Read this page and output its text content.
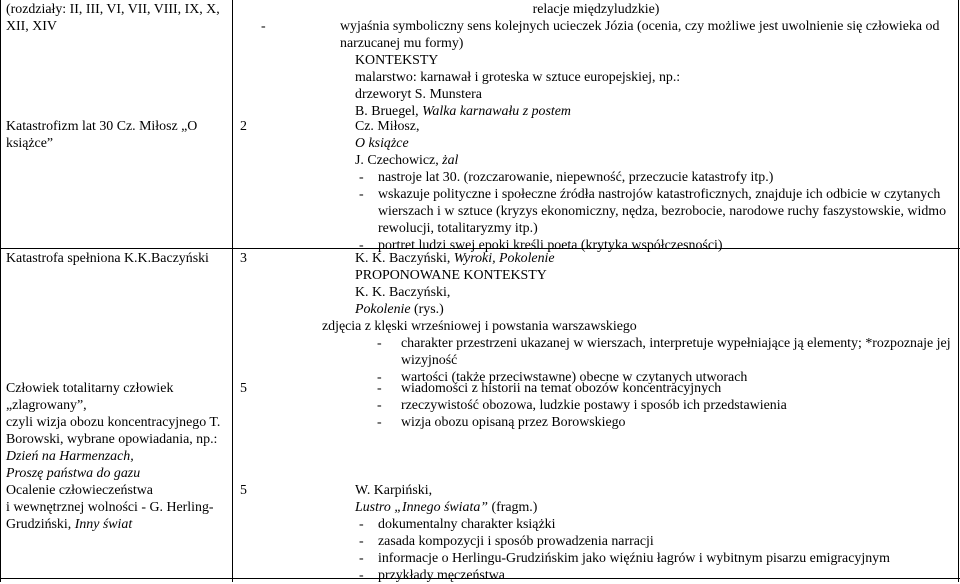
(rozdziały: II, III, VI, VII, VIII, IX, X,
XII, XIV
relacje międzyludzkie)
-	wyjaśnia symboliczny sens kolejnych ucieczek Józia (ocenia, czy możliwe jest uwolnienie się człowieka od narzucanej mu formy)
KONTEKSTY
malarstwo: karnawał i groteska w sztuce europejskiej, np.:
drzeworyt S. Munstera
B. Bruegel, Walka karnawału z postem
Katastrofizm lat 30 Cz. Miłosz „O
książce”
2	Cz. Miłosz,
O książce
J. Czechowicz, żal
- nastroje lat 30. (rozczarowanie, niepewność, przeczucie katastrofy itp.)
- wskazuje polityczne i społeczne źródła nastrojów katastroficznych, znajduje ich odbicie w czytanych wierszach i w sztuce (kryzys ekonomiczny, nędza, bezrobocie, narodowe ruchy faszystowskie, widmo rewolucji, totalitaryzmy itp.)
- portret ludzi swej epoki kreśli poeta (krytyka współczesności)
Katastrofa spełniona K.K.Baczyński	3	K. K. Baczyński, Wyroki, Pokolenie
PROPONOWANE KONTEKSTY
K. K. Baczyński,
Pokolenie (rys.)
zdjęcia z klęski wrześniowej i powstania warszawskiego
- charakter przestrzeni ukazanej w wierszach, interpretuje wypełniające ją elementy; *rozpoznaje jej wizyjność
- wartości (także przeciwstawne) obecne w czytanych utworach
Człowiek totalitarny człowiek
„zlagrowany”,
czyli wizja obozu koncentracyjnego T.
Borowski, wybrane opowiadania, np.:
Dzień na Harmenzach,
Proszę państwa do gazu
5	- wiadomości z historii na temat obozów koncentracyjnych
- rzeczywistość obozowa, ludzkie postawy i sposób ich przedstawienia
- wizja obozu opisaną przez Borowskiego
Ocalenie człowieczeństwa
i wewnętrznej wolności - G. Herling-
Grudziński, Inny świat
5	W. Karpiński,
Lustro „Innego świata” (fragm.)
- dokumentalny charakter książki
- zasada kompozycji i sposób prowadzenia narracji
- informacje o Herlingu-Grudzińskim jako więźniu łagrów i wybitnym pisarzu emigracyjnym
- przykłady męczeństwa
